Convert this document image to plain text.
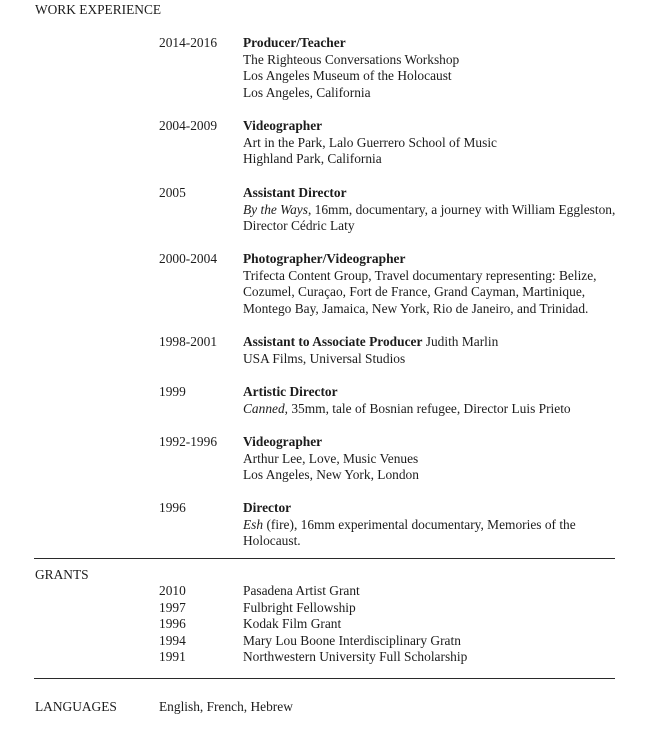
WORK EXPERIENCE
2014-2016 Producer/Teacher
The Righteous Conversations Workshop
Los Angeles Museum of the Holocaust
Los Angeles, California
2004-2009 Videographer
Art in the Park, Lalo Guerrero School of Music
Highland Park, California
2005	Assistant Director
By the Ways, 16mm, documentary, a journey with William Eggleston,
Director Cédric Laty
2000-2004 Photographer/Videographer
Trifecta Content Group, Travel documentary representing: Belize,
Cozumel, Curaçao, Fort de France, Grand Cayman, Martinique,
Montego Bay, Jamaica, New York, Rio de Janeiro, and Trinidad.
1998-2001 Assistant to Associate Producer Judith Marlin
USA Films, Universal Studios
1999	Artistic Director
Canned, 35mm, tale of Bosnian refugee, Director Luis Prieto
1992-1996 Videographer
Arthur Lee, Love, Music Venues
Los Angeles, New York, London
1996	Director
Esh (fire), 16mm experimental documentary, Memories of the
Holocaust.
GRANTS
2010	Pasadena Artist Grant
1997	Fulbright Fellowship
1996	Kodak Film Grant
1994	Mary Lou Boone Interdisciplinary Gratn
1991	Northwestern University Full Scholarship
LANGUAGES	English, French, Hebrew
